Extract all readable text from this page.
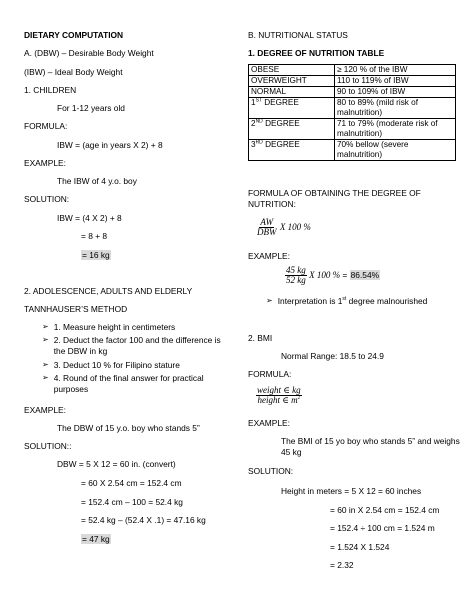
DIETARY COMPUTATION
A. (DBW) – Desirable Body Weight
(IBW) – Ideal Body Weight
1. CHILDREN
For 1-12 years old
FORMULA:
IBW = (age in years X 2) + 8
EXAMPLE:
The IBW of 4 y.o. boy
SOLUTION:
IBW = (4 X 2) + 8
= 8 + 8
= 16 kg
2. ADOLESCENCE, ADULTS AND ELDERLY
TANNHAUSER’S METHOD
➢ 1. Measure height in centimeters
➢ 2. Deduct the factor 100 and the difference is the DBW in kg
➢ 3. Deduct 10 % for Filipino stature
➢ 4. Round of the final answer for practical purposes
EXAMPLE:
The DBW of 15 y.o. boy who stands 5”
SOLUTION::
DBW = 5 X 12 = 60 in. (convert)
= 60 X 2.54 cm = 152.4 cm
= 152.4 cm – 100 = 52.4 kg
= 52.4 kg – (52.4 X .1) = 47.16 kg
= 47 kg
B. NUTRITIONAL STATUS
1. DEGREE OF NUTRITION TABLE
OBESE	≥ 120 % of the IBW
OVERWEIGHT	110 to 119% of IBW
NORMAL	90 to 109% of IBW
1ST DEGREE	80 to 89% (mild risk of malnutrition)
2ND DEGREE	71 to 79% (moderate risk of malnutrition)
3RD DEGREE	70% bellow (severe malnutrition)
FORMULA OF OBTAINING THE DEGREE OF NUTRITION:
$\frac{AW}{\text{DBW}}$ X 100 %
EXAMPLE:
$\frac{45 kg}{52 kg}$ X 100 % = 86.54%
➢ Interpretation is 1st degree malnourished
2. BMI
Normal Range: 18.5 to 24.9
FORMULA:
$\frac{\text{weight ∈ kg}}{height \in m^2}$
EXAMPLE:
The BMI of 15 yo boy who stands 5” and weighs 45 kg
SOLUTION:
Height in meters = 5 X 12 = 60 inches
= 60 in X 2.54 cm = 152.4 cm
= 152.4 ÷ 100 cm = 1.524 m
= 1.524 X 1.524
= 2.32
